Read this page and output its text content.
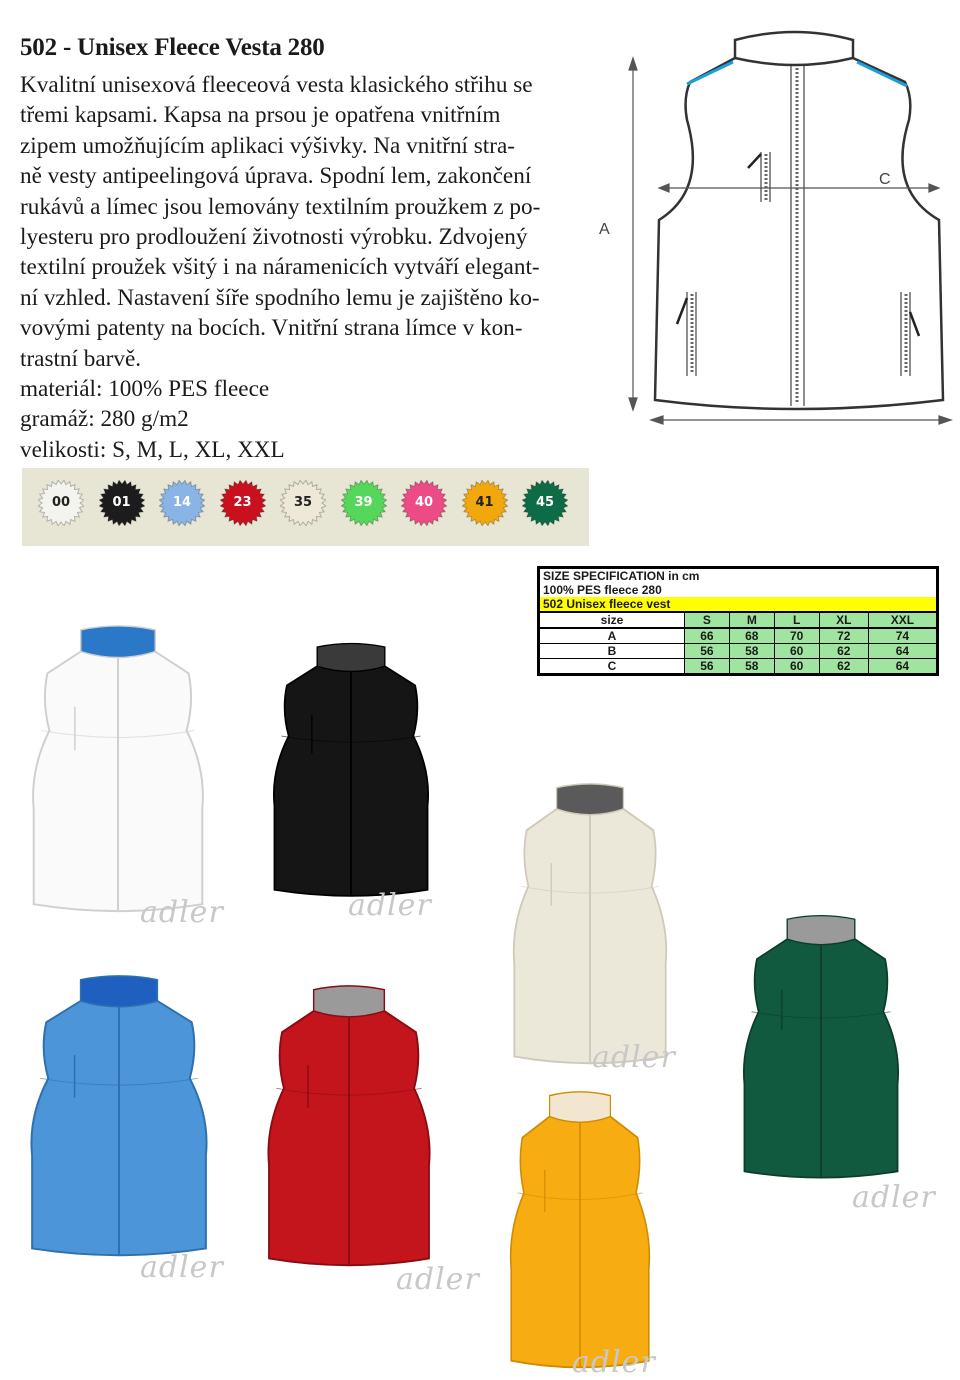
502 - Unisex Fleece Vesta 280
Kvalitní unisexová fleeceová vesta klasického střihu se
třemi kapsami. Kapsa na prsou je opatřena vnitřním
zipem umožňujícím aplikaci výšivky. Na vnitřní stra-
ně vesty antipeelingová úprava. Spodní lem, zakončení
rukávů a límec jsou lemovány textilním proužkem z po-
lyesteru pro prodloužení životnosti výrobku. Zdvojený
textilní proužek všitý i na náramenicích vytváří elegant-
ní vzhled. Nastavení šíře spodního lemu je zajištěno ko-
vovými patenty na bocích. Vnitřní strana límce v kon-
trastní barvě.
materiál: 100% PES fleece
gramáž: 280 g/m2
velikosti: S, M, L, XL, XXL
00	01	14	23	35	39	40	41	45
A
C
SIZE SPECIFICATION in cm					
100% PES fleece 280					
502 Unisex fleece vest					
size	S	M	L	XL	XXL
A	66	68	70	72	74
B	56	58	60	62	64
C	56	58	60	62	64
adler	adler
adler
adler
adler	adler
adler
